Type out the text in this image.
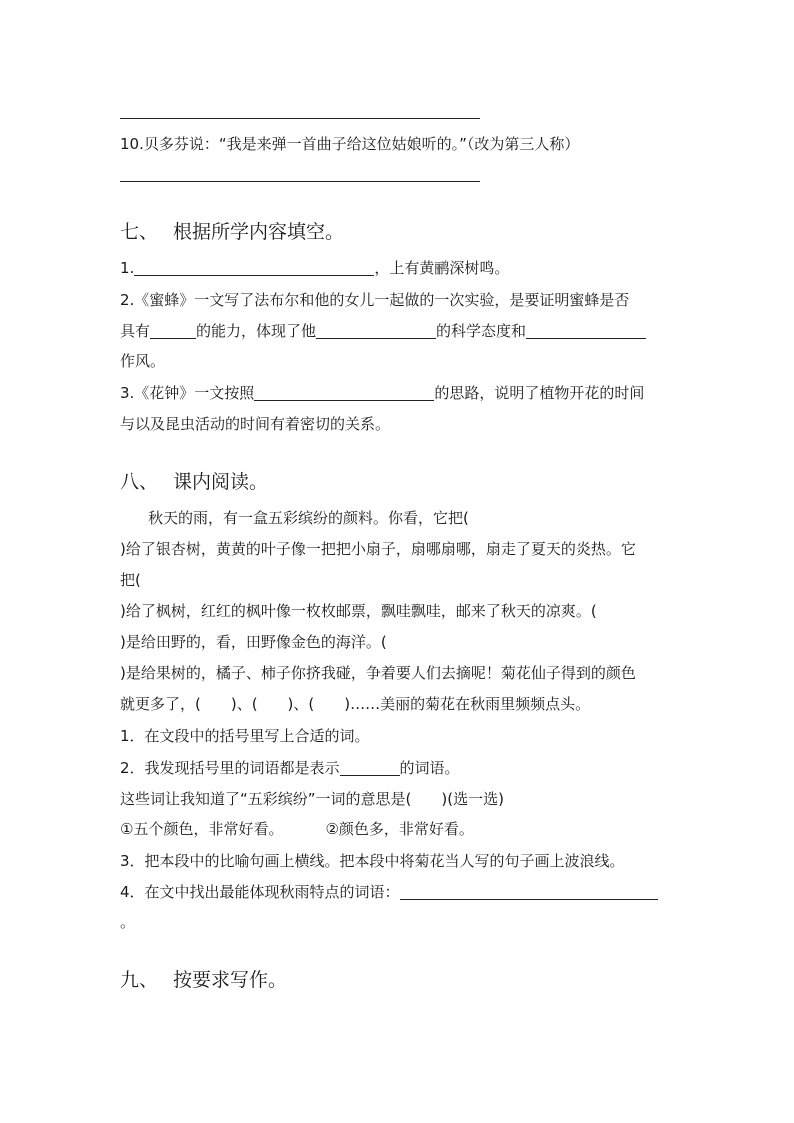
10.贝多芬说：“我是来弹一首曲子给这位姑娘听的。”（改为第三人称）
七、 根据所学内容填空。
1.	，上有黄鹂深树鸣。
2.《蜜蜂》一文写了法布尔和他的女儿一起做的一次实验，是要证明蜜蜂是否
具有	的能力，体现了他	的科学态度和
作风。
3.《花钟》一文按照	的思路，说明了植物开花的时间
与以及昆虫活动的时间有着密切的关系。
八、 课内阅读。
秋天的雨，有一盒五彩缤纷的颜料。你看，它把(
)给了银杏树，黄黄的叶子像一把把小扇子，扇哪扇哪，扇走了夏天的炎热。它
把(
)给了枫树，红红的枫叶像一枚枚邮票，飘哇飘哇，邮来了秋天的凉爽。(
)是给田野的，看，田野像金色的海洋。(
)是给果树的，橘子、柿子你挤我碰，争着要人们去摘呢！菊花仙子得到的颜色
就更多了，(　　)、(　　)、(　　)……美丽的菊花在秋雨里频频点头。
1．在文段中的括号里写上合适的词。
2．我发现括号里的词语都是表示	的词语。
这些词让我知道了“五彩缤纷”一词的意思是(　　)(选一选)
①五个颜色，非常好看。	②颜色多，非常好看。
3．把本段中的比喻句画上横线。把本段中将菊花当人写的句子画上波浪线。
4．在文中找出最能体现秋雨特点的词语：
。
九、 按要求写作。
